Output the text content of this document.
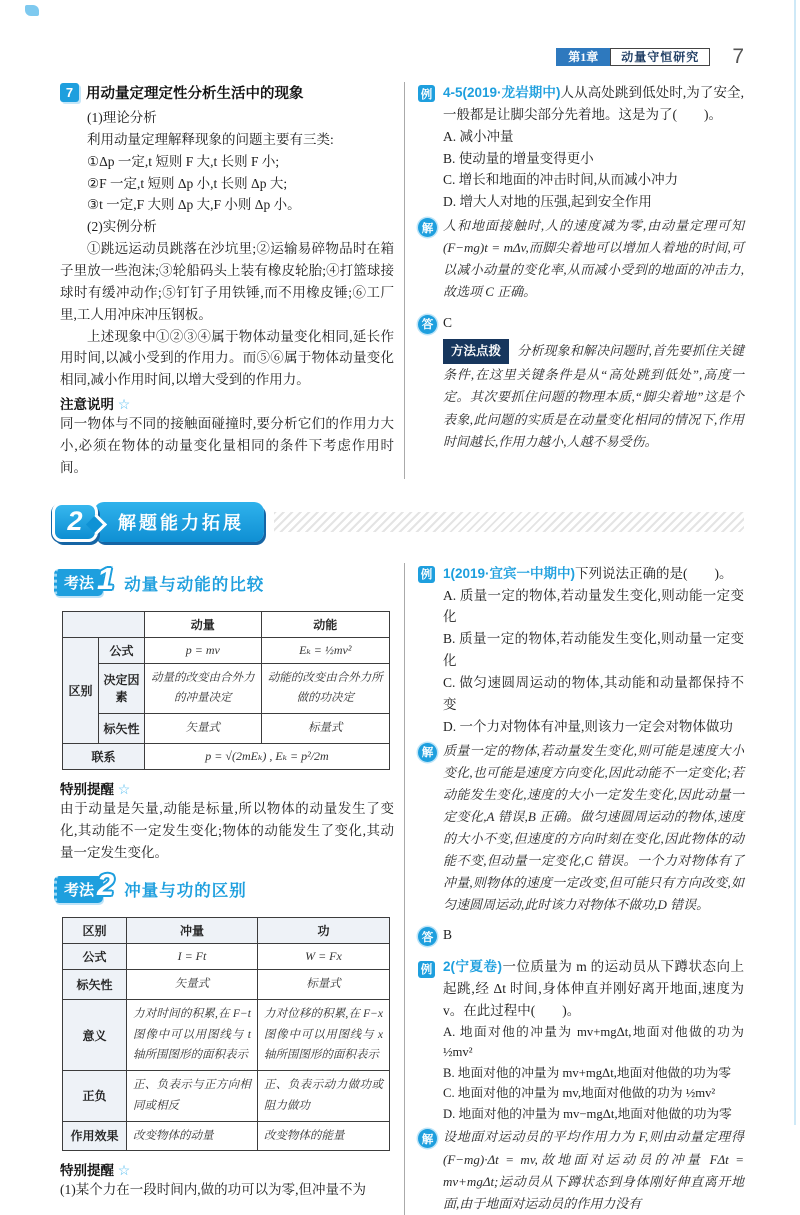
第1章	动量守恒研究	7
7 用动量定理定性分析生活中的现象

(1)理论分析

利用动量定理解释现象的问题主要有三类:

①Δp 一定,t 短则 F 大,t 长则 F 小;

②F 一定,t 短则 Δp 小,t 长则 Δp 大;

③t 一定,F 大则 Δp 大,F 小则 Δp 小。

(2)实例分析

①跳远运动员跳落在沙坑里;②运输易碎物品时在箱子里放一些泡沫;③轮船码头上装有橡皮轮胎;④打篮球接球时有缓冲动作;⑤钉钉子用铁锤,而不用橡皮锤;⑥工厂里,工人用冲床冲压钢板。

上述现象中①②③④属于物体动量变化相同,延长作用时间,以减小受到的作用力。而⑤⑥属于物体动量变化相同,减小作用时间,以增大受到的作用力。

注意说明 ☆

同一物体与不同的接触面碰撞时,要分析它们的作用力大小,必须在物体的动量变化量相同的条件下考虑作用时间。

例 4-5(2019·龙岩期中)人从高处跳到低处时,为了安全,一般都是让脚尖部分先着地。这是为了(　　)。
A. 减小冲量
B. 使动量的增量变得更小
C. 增长和地面的冲击时间,从而减小冲力
D. 增大人对地的压强,起到安全作用
解 人和地面接触时,人的速度减为零,由动量定理可知(F−mg)t = mΔv,而脚尖着地可以增加人着地的时间,可以减小动量的变化率,从而减小受到的地面的冲击力,故选项 C 正确。
答 C
方法点拨 分析现象和解决问题时,首先要抓住关键条件,在这里关键条件是从“高处跳到低处”,高度一定。其次要抓住问题的物理本质,“脚尖着地”这是个表象,此问题的实质是在动量变化相同的情况下,作用时间越长,作用力越小,人越不易受伤。
2	解题能力拓展
考法 1 动量与动能的比较
		动量	动能
区别	公式	p = mv	Eₖ = ½mv²
	决定因素	动量的改变由合外力的冲量决定	动能的改变由合外力所做的功决定
	标矢性	矢量式	标量式
联系		p = √(2mEₖ) , Eₖ = p²/2m	
特别提醒 ☆

由于动量是矢量,动能是标量,所以物体的动量发生了变化,其动能不一定发生变化;物体的动能发生了变化,其动量一定发生变化。

考法 2 冲量与功的区别
区别	冲量	功
公式	I = Ft	W = Fx
标矢性	矢量式	标量式
意义	力对时间的积累,在 F−t 图像中可以用图线与 t 轴所围图形的面积表示	力对位移的积累,在 F−x 图像中可以用图线与 x 轴所围图形的面积表示
正负	正、负表示与正方向相同或相反	正、负表示动力做功或阻力做功
作用效果	改变物体的动量	改变物体的能量
特别提醒 ☆

(1)某个力在一段时间内,做的功可以为零,但冲量不为

例 1(2019·宜宾一中期中)下列说法正确的是(　　)。
A. 质量一定的物体,若动量发生变化,则动能一定变化
B. 质量一定的物体,若动能发生变化,则动量一定变化
C. 做匀速圆周运动的物体,其动能和动量都保持不变
D. 一个力对物体有冲量,则该力一定会对物体做功
解 质量一定的物体,若动量发生变化,则可能是速度大小变化,也可能是速度方向变化,因此动能不一定变化;若动能发生变化,速度的大小一定发生变化,因此动量一定变化,A 错误,B 正确。做匀速圆周运动的物体,速度的大小不变,但速度的方向时刻在变化,因此物体的动能不变,但动量一定变化,C 错误。一个力对物体有了冲量,则物体的速度一定改变,但可能只有方向改变,如匀速圆周运动,此时该力对物体不做功,D 错误。
答 B
例 2(宁夏卷)一位质量为 m 的运动员从下蹲状态向上起跳,经 Δt 时间,身体伸直并刚好离开地面,速度为 v。在此过程中(　　)。
A. 地面对他的冲量为 mv+mgΔt,地面对他做的功为 ½mv²
B. 地面对他的冲量为 mv+mgΔt,地面对他做的功为零
C. 地面对他的冲量为 mv,地面对他做的功为 ½mv²
D. 地面对他的冲量为 mv−mgΔt,地面对他做的功为零
解 设地面对运动员的平均作用力为 F,则由动量定理得(F−mg)·Δt = mv,故地面对运动员的冲量 FΔt = mv+mgΔt;运动员从下蹲状态到身体刚好伸直离开地面,由于地面对运动员的作用力没有
